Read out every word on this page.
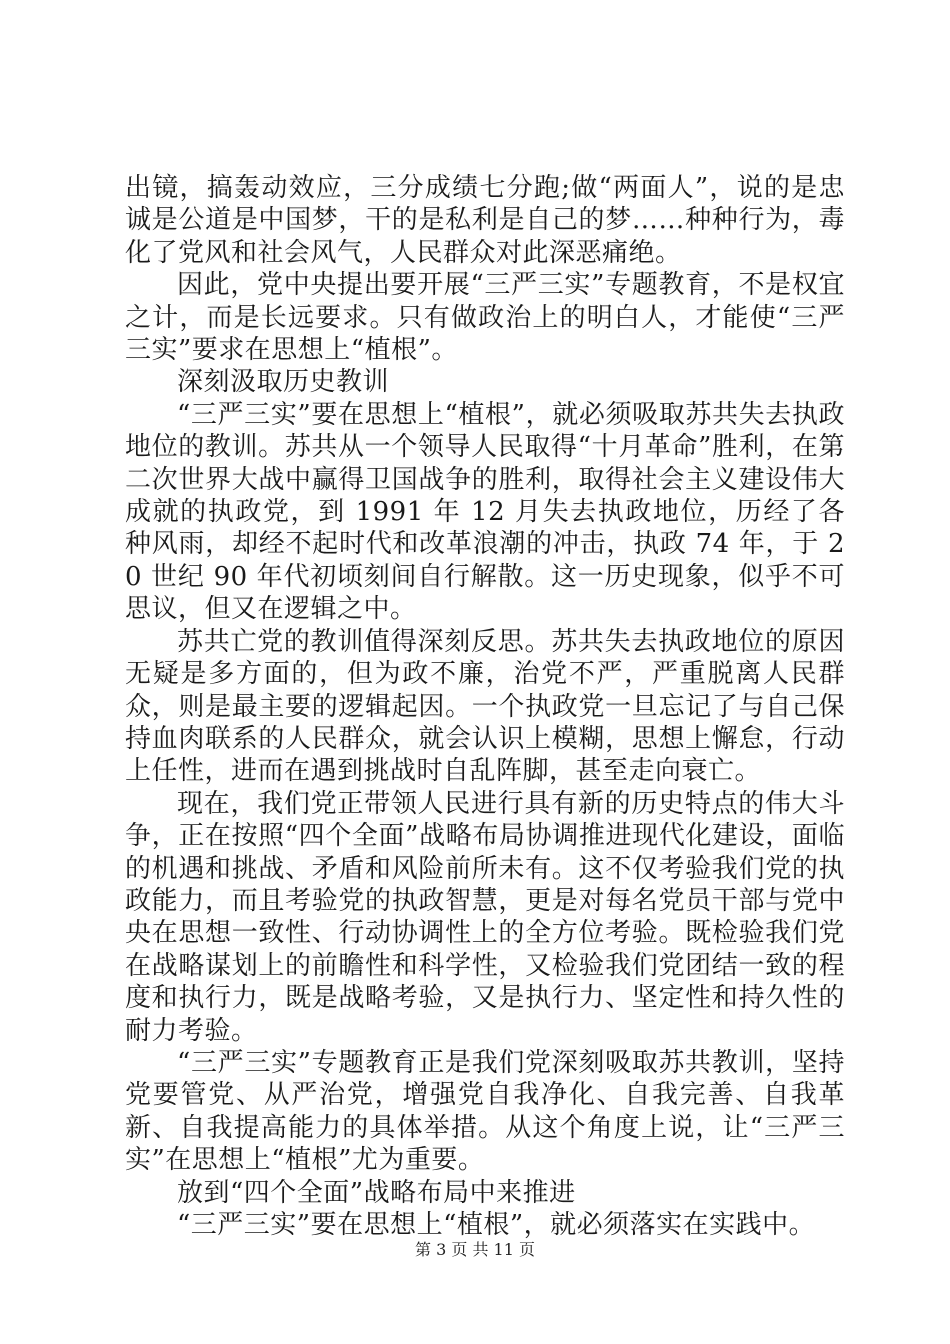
出镜，搞轰动效应，三分成绩七分跑;做“两面人”，说的是忠诚是公道是中国梦，干的是私利是自己的梦……种种行为，毒化了党风和社会风气，人民群众对此深恶痛绝。

因此，党中央提出要开展“三严三实”专题教育，不是权宜之计，而是长远要求。只有做政治上的明白人，才能使“三严三实”要求在思想上“植根”。

深刻汲取历史教训

“三严三实”要在思想上“植根”，就必须吸取苏共失去执政地位的教训。苏共从一个领导人民取得“十月革命”胜利，在第二次世界大战中赢得卫国战争的胜利，取得社会主义建设伟大成就的执政党，到 1991 年 12 月失去执政地位，历经了各种风雨，却经不起时代和改革浪潮的冲击，执政 74 年，于 20 世纪 90 年代初顷刻间自行解散。这一历史现象，似乎不可思议，但又在逻辑之中。

苏共亡党的教训值得深刻反思。苏共失去执政地位的原因无疑是多方面的，但为政不廉，治党不严，严重脱离人民群众，则是最主要的逻辑起因。一个执政党一旦忘记了与自己保持血肉联系的人民群众，就会认识上模糊，思想上懈怠，行动上任性，进而在遇到挑战时自乱阵脚，甚至走向衰亡。

现在，我们党正带领人民进行具有新的历史特点的伟大斗争，正在按照“四个全面”战略布局协调推进现代化建设，面临的机遇和挑战、矛盾和风险前所未有。这不仅考验我们党的执政能力，而且考验党的执政智慧，更是对每名党员干部与党中央在思想一致性、行动协调性上的全方位考验。既检验我们党在战略谋划上的前瞻性和科学性，又检验我们党团结一致的程度和执行力，既是战略考验，又是执行力、坚定性和持久性的耐力考验。

“三严三实”专题教育正是我们党深刻吸取苏共教训，坚持党要管党、从严治党，增强党自我净化、自我完善、自我革新、自我提高能力的具体举措。从这个角度上说，让“三严三实”在思想上“植根”尤为重要。

放到“四个全面”战略布局中来推进

“三严三实”要在思想上“植根”，就必须落实在实践中。

第 3 页 共 11 页
